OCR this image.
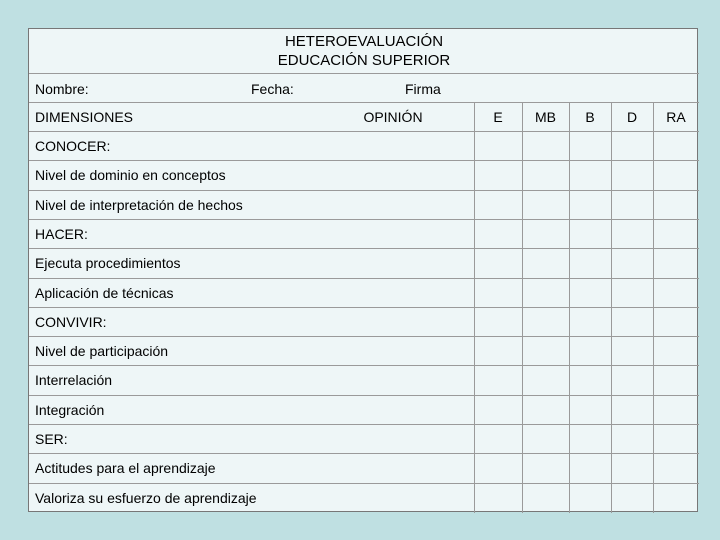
HETEROEVALUACIÓN
EDUCACIÓN SUPERIOR
Nombre:	Fecha:	Firma
DIMENSIONES	OPINIÓN	E	MB	B	D	RA
CONOCER:
Nivel de dominio en conceptos
Nivel de interpretación de hechos
HACER:
Ejecuta procedimientos
Aplicación de técnicas
CONVIVIR:
Nivel de participación
Interrelación
Integración
SER:
Actitudes para el aprendizaje
Valoriza su esfuerzo de aprendizaje
